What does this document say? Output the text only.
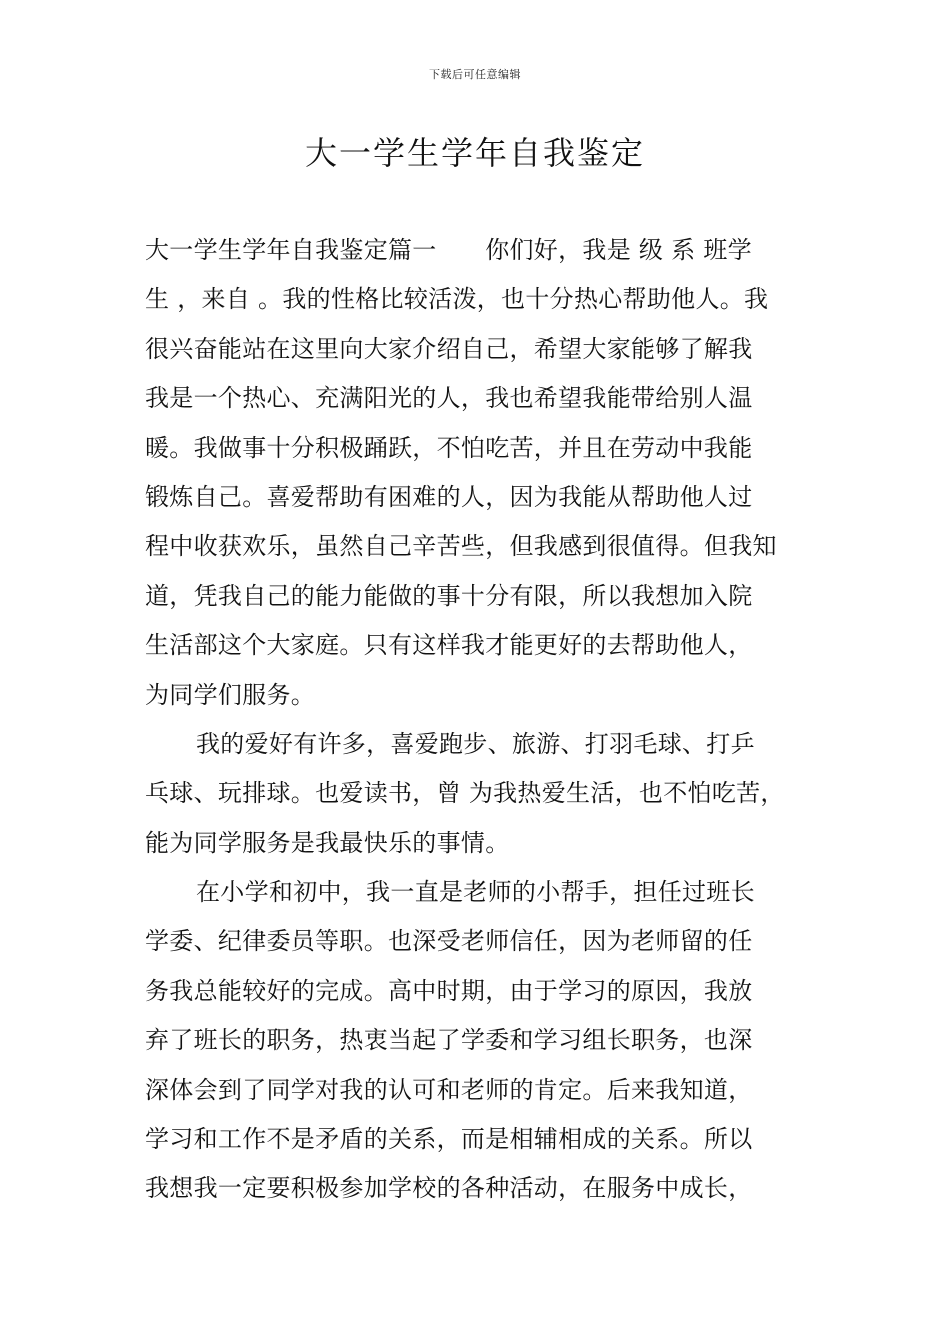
下载后可任意编辑
大一学生学年自我鉴定
大一学生学年自我鉴定篇一　　你们好，我是 级 系 班学
生 ，来自 。我的性格比较活泼，也十分热心帮助他人。我
很兴奋能站在这里向大家介绍自己，希望大家能够了解我
我是一个热心、充满阳光的人，我也希望我能带给别人温
暖。我做事十分积极踊跃，不怕吃苦，并且在劳动中我能
锻炼自己。喜爱帮助有困难的人，因为我能从帮助他人过
程中收获欢乐，虽然自己辛苦些，但我感到很值得。但我知
道，凭我自己的能力能做的事十分有限，所以我想加入院
生活部这个大家庭。只有这样我才能更好的去帮助他人，
为同学们服务。
我的爱好有许多，喜爱跑步、旅游、打羽毛球、打乒
乓球、玩排球。也爱读书，曾 为我热爱生活，也不怕吃苦，
能为同学服务是我最快乐的事情。
在小学和初中，我一直是老师的小帮手，担任过班长
学委、纪律委员等职。也深受老师信任，因为老师留的任
务我总能较好的完成。高中时期，由于学习的原因，我放
弃了班长的职务，热衷当起了学委和学习组长职务，也深
深体会到了同学对我的认可和老师的肯定。后来我知道，
学习和工作不是矛盾的关系，而是相辅相成的关系。所以
我想我一定要积极参加学校的各种活动，在服务中成长，
